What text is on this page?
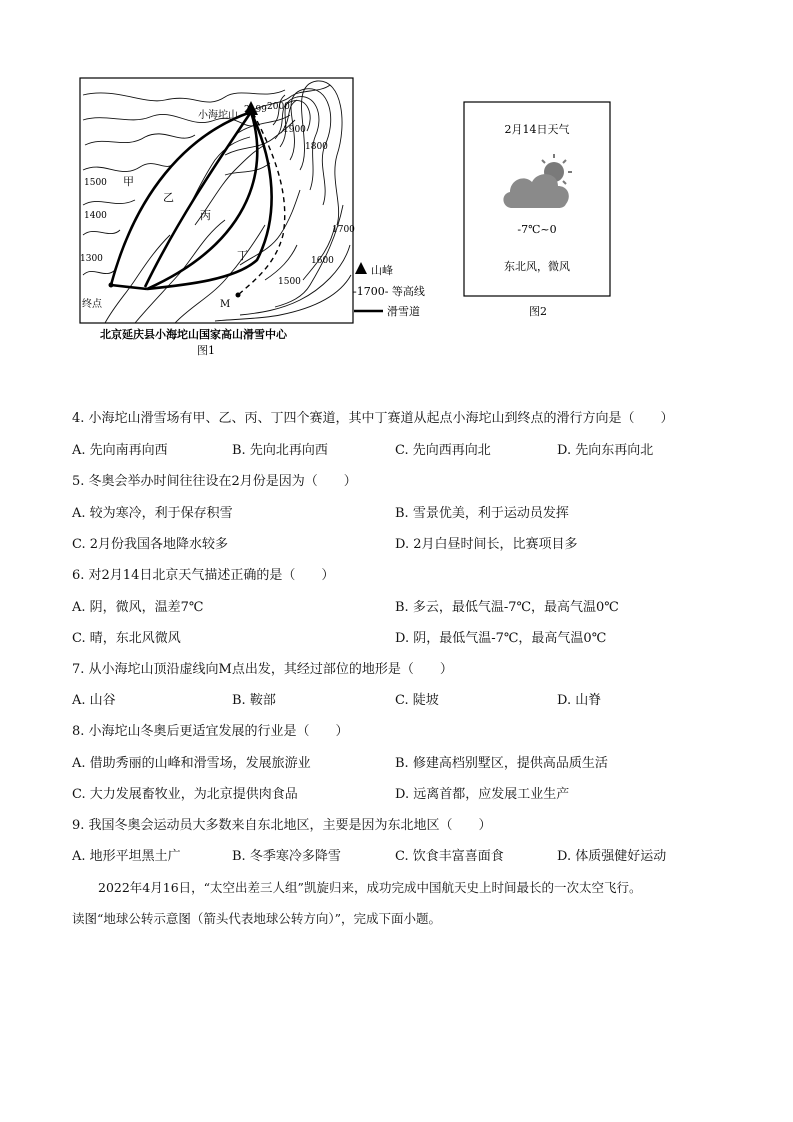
小海坨山 2199 2000
1900
1800
1700
1600
1500
1500
1400
1300
甲
乙
丙
丁
终点	M
山峰
-1700- 等高线
滑雪道
北京延庆县小海坨山国家高山滑雪中心
图1
2月14日天气
-7℃~0
东北风，微风
图2
4. 小海坨山滑雪场有甲、乙、丙、丁四个赛道，其中丁赛道从起点小海坨山到终点的滑行方向是（　　）
A. 先向南再向西	B. 先向北再向西	C. 先向西再向北	D. 先向东再向北
5. 冬奥会举办时间往往设在2月份是因为（　　）
A. 较为寒冷，利于保存积雪	B. 雪景优美，利于运动员发挥
C. 2月份我国各地降水较多	D. 2月白昼时间长，比赛项目多
6. 对2月14日北京天气描述正确的是（　　）
A. 阴，微风，温差7℃	B. 多云，最低气温-7℃，最高气温0℃
C. 晴，东北风微风	D. 阴，最低气温-7℃，最高气温0℃
7. 从小海坨山顶沿虚线向M点出发，其经过部位的地形是（　　）
A. 山谷	B. 鞍部	C. 陡坡	D. 山脊
8. 小海坨山冬奥后更适宜发展的行业是（　　）
A. 借助秀丽的山峰和滑雪场，发展旅游业	B. 修建高档别墅区，提供高品质生活
C. 大力发展畜牧业，为北京提供肉食品	D. 远离首都，应发展工业生产
9. 我国冬奥会运动员大多数来自东北地区，主要是因为东北地区（　　）
A. 地形平坦黑土广	B. 冬季寒冷多降雪	C. 饮食丰富喜面食	D. 体质强健好运动
2022年4月16日，“太空出差三人组”凯旋归来，成功完成中国航天史上时间最长的一次太空飞行。
读图“地球公转示意图（箭头代表地球公转方向）”，完成下面小题。
